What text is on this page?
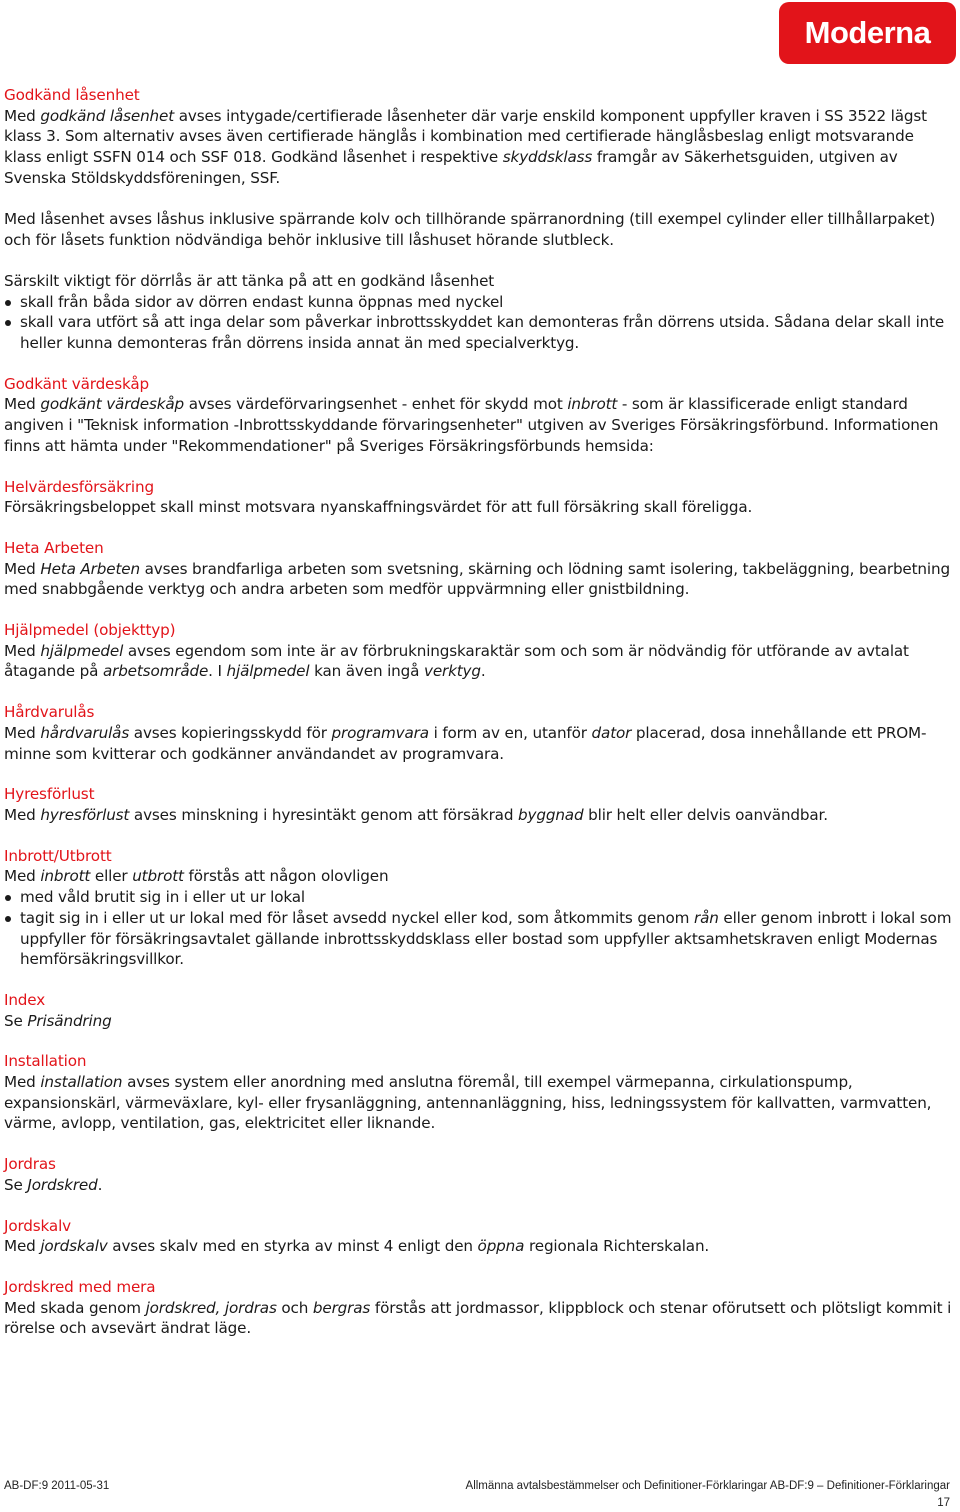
Moderna
Godkänd låsenhet
Med godkänd låsenhet avses intygade/certifierade låsenheter där varje enskild komponent uppfyller kraven i SS 3522 lägst klass 3. Som alternativ avses även certifierade hänglås i kombination med certifierade hänglåsbeslag enligt motsvarande klass enligt SSFN 014 och SSF 018. Godkänd låsenhet i respektive skyddsklass framgår av Säkerhetsguiden, utgiven av Svenska Stöldskyddsföreningen, SSF.
Med låsenhet avses låshus inklusive spärrande kolv och tillhörande spärranordning (till exempel cylinder eller tillhållarpaket) och för låsets funktion nödvändiga behör inklusive till låshuset hörande slutbleck.
Särskilt viktigt för dörrlås är att tänka på att en godkänd låsenhet
skall från båda sidor av dörren endast kunna öppnas med nyckel
skall vara utfört så att inga delar som påverkar inbrottsskyddet kan demonteras från dörrens utsida. Sådana delar skall inte heller kunna demonteras från dörrens insida annat än med specialverktyg.
Godkänt värdeskåp
Med godkänt värdeskåp avses värdeförvaringsenhet - enhet för skydd mot inbrott - som är klassificerade enligt standard angiven i "Teknisk information -Inbrottsskyddande förvaringsenheter" utgiven av Sveriges Försäkringsförbund. Informationen finns att hämta under "Rekommendationer" på Sveriges Försäkringsförbunds hemsida:
Helvärdesförsäkring
Försäkringsbeloppet skall minst motsvara nyanskaffningsvärdet för att full försäkring skall föreligga.
Heta Arbeten
Med Heta Arbeten avses brandfarliga arbeten som svetsning, skärning och lödning samt isolering, takbeläggning, bearbetning med snabbgående verktyg och andra arbeten som medför uppvärmning eller gnistbildning.
Hjälpmedel (objekttyp)
Med hjälpmedel avses egendom som inte är av förbrukningskaraktär som och som är nödvändig för utförande av avtalat åtagande på arbetsområde. I hjälpmedel kan även ingå verktyg.
Hårdvarulås
Med hårdvarulås avses kopieringsskydd för programvara i form av en, utanför dator placerad, dosa innehållande ett PROM-minne som kvitterar och godkänner användandet av programvara.
Hyresförlust
Med hyresförlust avses minskning i hyresintäkt genom att försäkrad byggnad blir helt eller delvis oanvändbar.
Inbrott/Utbrott
Med inbrott eller utbrott förstås att någon olovligen
med våld brutit sig in i eller ut ur lokal
tagit sig in i eller ut ur lokal med för låset avsedd nyckel eller kod, som åtkommits genom rån eller genom inbrott i lokal som uppfyller för försäkringsavtalet gällande inbrottsskyddsklass eller bostad som uppfyller aktsamhetskraven enligt Modernas hemförsäkringsvillkor.
Index
Se Prisändring
Installation
Med installation avses system eller anordning med anslutna föremål, till exempel värmepanna, cirkulationspump, expansionskärl, värmeväxlare, kyl- eller frysanläggning, antennanläggning, hiss, ledningssystem för kallvatten, varmvatten, värme, avlopp, ventilation, gas, elektricitet eller liknande.
Jordras
Se Jordskred.
Jordskalv
Med jordskalv avses skalv med en styrka av minst 4 enligt den öppna regionala Richterskalan.
Jordskred med mera
Med skada genom jordskred, jordras och bergras förstås att jordmassor, klippblock och stenar oförutsett och plötsligt kommit i rörelse och avsevärt ändrat läge.
AB-DF:9 2011-05-31	Allmänna avtalsbestämmelser och Definitioner-Förklaringar AB-DF:9 – Definitioner-Förklaringar
17
